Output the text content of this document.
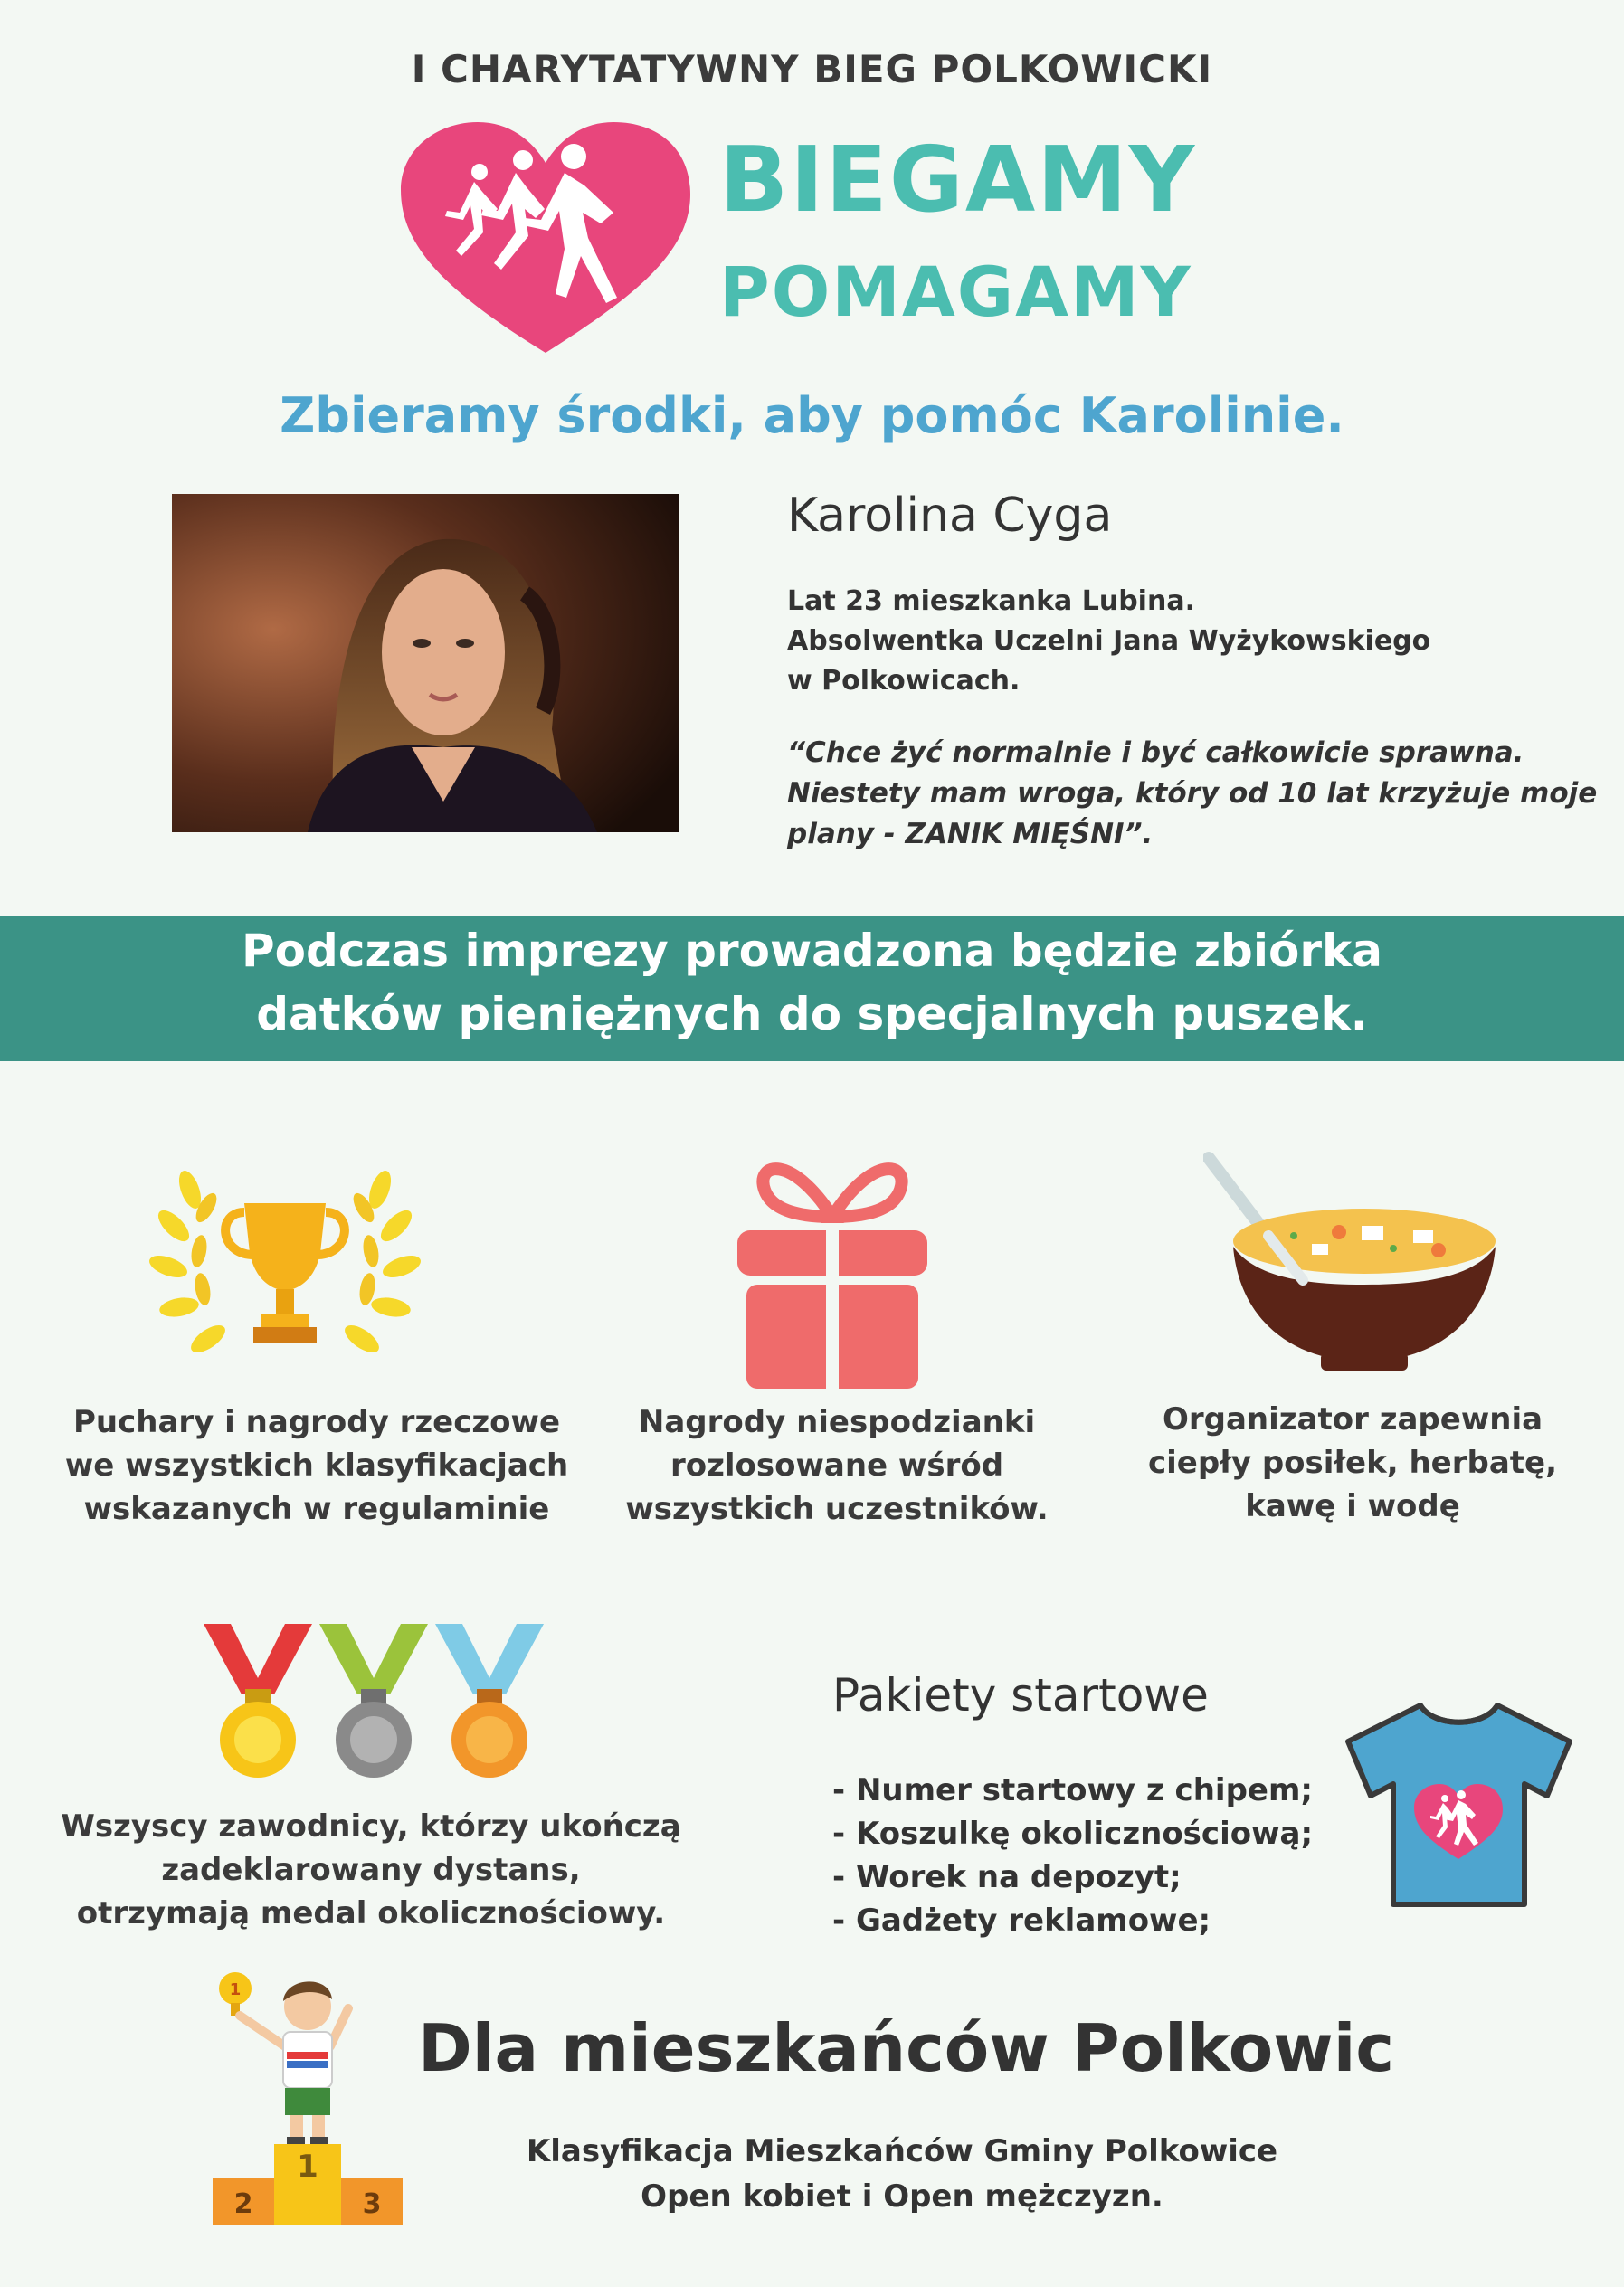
I CHARYTATYWNY BIEG POLKOWICKI
BIEGAMY
POMAGAMY
Zbieramy środki, aby pomóc Karolinie.
Karolina Cyga
Lat 23 mieszkanka Lubina.
Absolwentka Uczelni Jana Wyżykowskiego
w Polkowicach.
“Chce żyć normalnie i być całkowicie sprawna.
Niestety mam wroga, który od 10 lat krzyżuje moje
plany - ZANIK MIĘŚNI”.
Podczas imprezy prowadzona będzie zbiórka
datków pieniężnych do specjalnych puszek.
Puchary i nagrody rzeczowe
we wszystkich klasyfikacjach
wskazanych w regulaminie
Nagrody niespodzianki
rozlosowane wśród
wszystkich uczestników.
Organizator zapewnia
ciepły posiłek, herbatę,
kawę i wodę
Wszyscy zawodnicy, którzy ukończą
zadeklarowany dystans,
otrzymają medal okolicznościowy.
Pakiety startowe
- Numer startowy z chipem;
- Koszulkę okolicznościową;
- Worek na depozyt;
- Gadżety reklamowe;
1
1
2	3
Dla mieszkańców Polkowic
Klasyfikacja Mieszkańców Gminy Polkowice
Open kobiet i Open mężczyzn.
